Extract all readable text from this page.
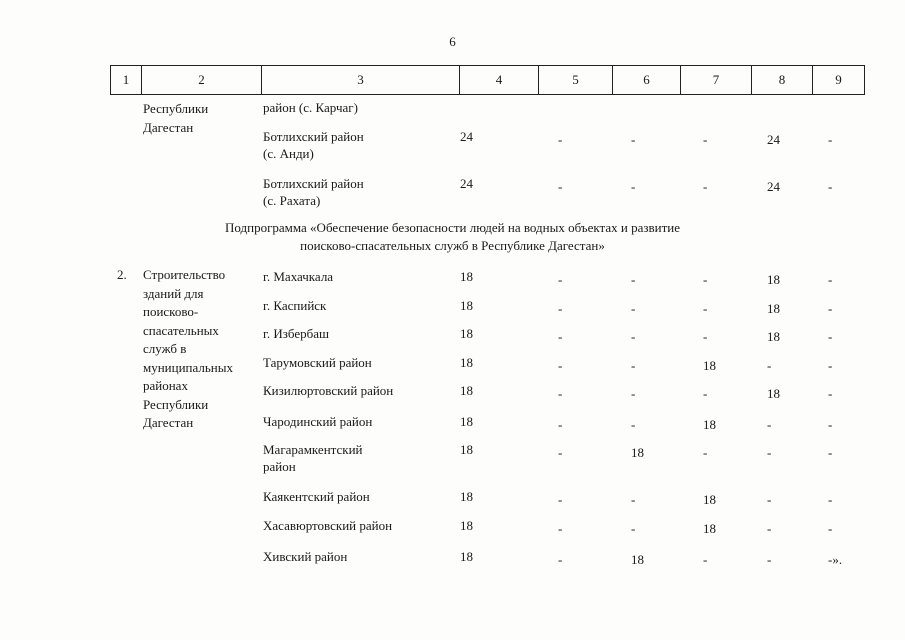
6
1	2	3	4	5	6	7	8	9
Республики
Дагестан
район (с. Карчаг)
Ботлихский район
(с. Анди)
24	-	-	-	24	-
Ботлихский район
(с. Рахата)
24	-	-	-	24	-
Подпрограмма «Обеспечение безопасности людей на водных объектах и развитие
поисково-спасательных служб в Республике Дагестан»
2. Строительство
зданий для
поисково-
спасательных
служб в
муниципальных
районах
Республики
Дагестан
г. Махачкала	18	-	-	-	18	-
г. Каспийск	18	-	-	-	18	-
г. Избербаш	18	-	-	-	18	-
Тарумовский район	18	-	-	18	-	-
Кизилюртовский район	18	-	-	-	18	-
Чародинский район	18	-	-	18	-	-
Магарамкентский
район
18	-	18	-	-	-
Каякентский район	18	-	-	18	-	-
Хасавюртовский район	18	-	-	18	-	-
Хивский район	18	-	18	-	-	-».
